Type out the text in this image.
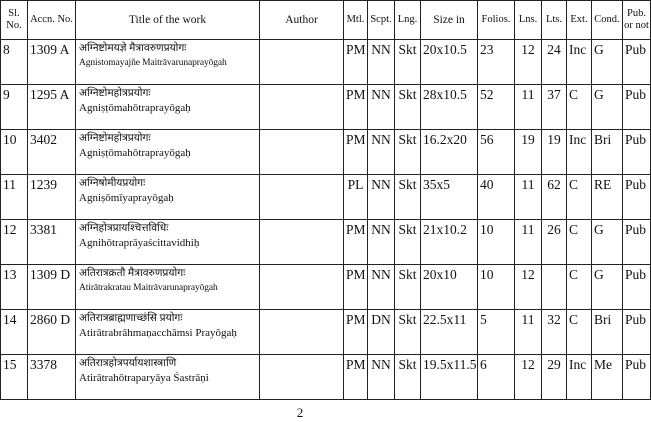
Sl. No.	Accn. No.	Title of the work	Author	Mtl.	Scpt.	Lng.	Size in	Folios.	Lns.	Lts.	Ext.	Cond.	Pub. or not
8	1309 A	अग्निष्टोमयज्ञे मैत्रावरुणप्रयोगः
Agnistomayajñe Maitrāvarunaprayōgah		PM	NN	Skt	20x10.5	23	12	24	Inc	G	Pub
9	1295 A	अग्निष्टोमहोत्रप्रयोगः
Agniṣṭōmahōtraprayōgaḥ		PM	NN	Skt	28x10.5	52	11	37	C	G	Pub
10	3402	अग्निष्टोमहोत्रप्रयोगः
Agniṣṭōmahōtraprayōgaḥ		PM	NN	Skt	16.2x20	56	19	19	Inc	Bri	Pub
11	1239	अग्निषोमीयप्रयोगः
Agniṣōmīyaprayōgaḥ		PL	NN	Skt	35x5	40	11	62	C	RE	Pub
12	3381	अग्निहोत्रप्रायश्चित्तविधिः
Agnihōtraprāyaścittavidhiḥ		PM	NN	Skt	21x10.2	10	11	26	C	G	Pub
13	1309 D	अतिरात्रक्रतौ मैत्रावरुणप्रयोगः
Atirātrakratau Maitrāvarunaprayōgah		PM	NN	Skt	20x10	10	12		C	G	Pub
14	2860 D	अतिरात्रब्राह्मणाच्छंसि प्रयोगः
Atirātrabrāhmaṇacchāmsi Prayōgaḥ		PM	DN	Skt	22.5x11	5	11	32	C	Bri	Pub
15	3378	अतिरात्रहोत्रपर्यायशास्त्राणि
Atirātrahōtraparyāya Śastrāṇi		PM	NN	Skt	19.5x11.5	6	12	29	Inc	Me	Pub
2
